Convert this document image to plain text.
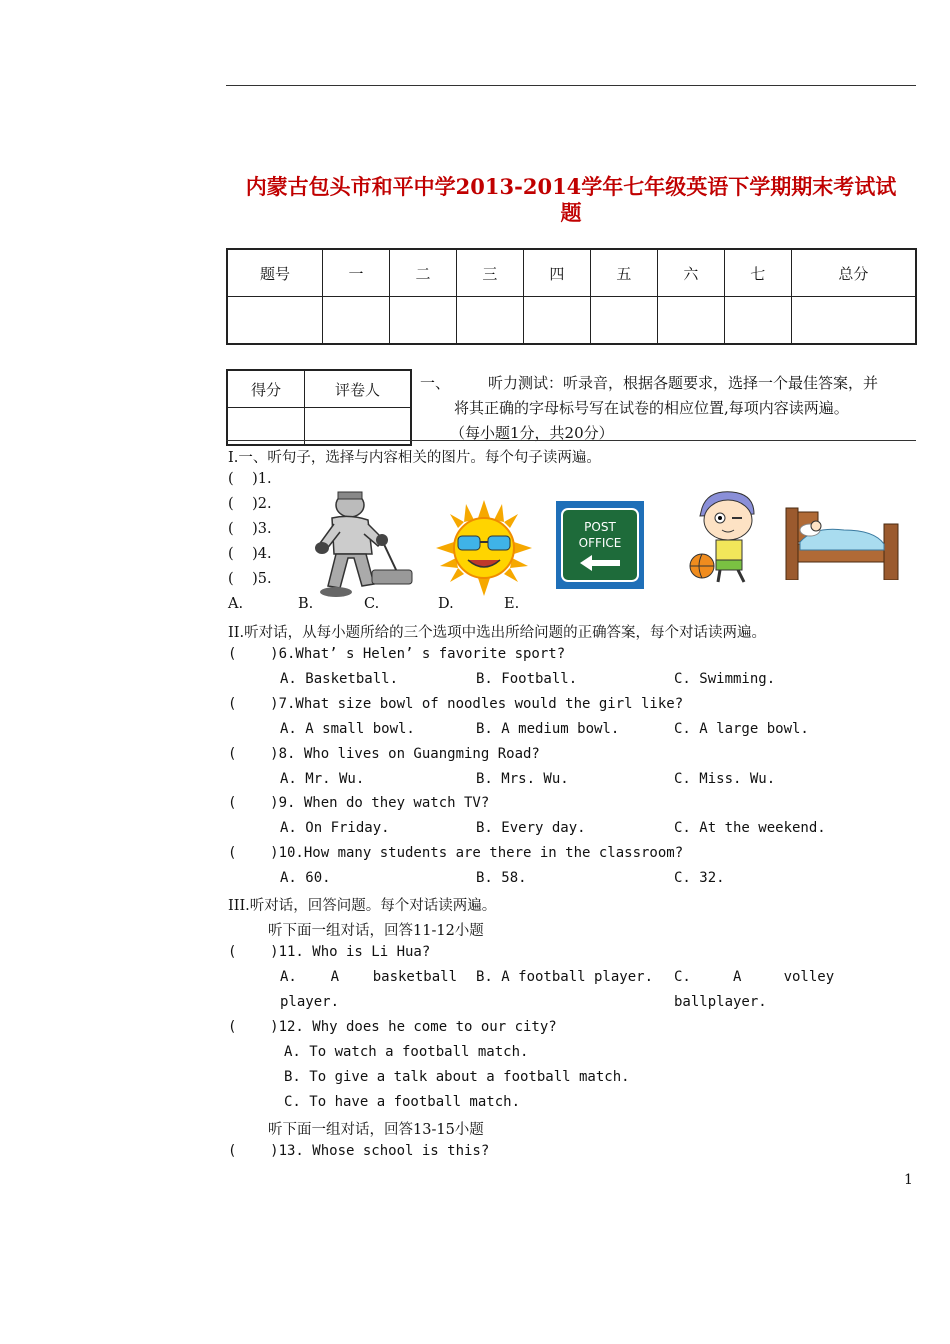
内蒙古包头市和平中学2013-2014学年七年级英语下学期期末考试试
题
题号	一	二	三	四	五	六	七	总分

得分	评卷人
		一、	听力测试：听录音，根据各题要求，选择一个最佳答案，并
将其正确的字母标号写在试卷的相应位置,每项内容读两遍。
（每小题1分，共20分）
I.一、听句子，选择与内容相关的图片。每个句子读两遍。
(    )1.
(    )2.
(    )3.
(    )4.
(    )5.
POST
OFFICE
A.	B.	C.	D.	E.
II.听对话，从每小题所给的三个选项中选出所给问题的正确答案，每个对话读两遍。
(    )6.What’ s Helen’ s favorite sport?
A. Basketball.	B. Football.	C. Swimming.
(    )7.What size bowl of noodles would the girl like?
A. A small bowl.	B. A medium bowl.	C. A large bowl.
(    )8. Who lives on Guangming Road?
A. Mr. Wu.	B. Mrs. Wu.	C. Miss. Wu.
(    )9. When do they watch TV?
A. On Friday.	B. Every day.	C. At the weekend.
(    )10.How many students are there in the classroom?
A. 60.	B. 58.	C. 32.
III.听对话，回答问题。每个对话读两遍。
听下面一组对话，回答11-12小题
(    )11. Who is Li Hua?
A.    A    basketball
player.
B. A football player. C.     A     volley
ballplayer.
(    )12. Why does he come to our city?
A. To watch a football match.
B. To give a talk about a football match.
C. To have a football match.
听下面一组对话，回答13-15小题
(    )13. Whose school is this?
1
